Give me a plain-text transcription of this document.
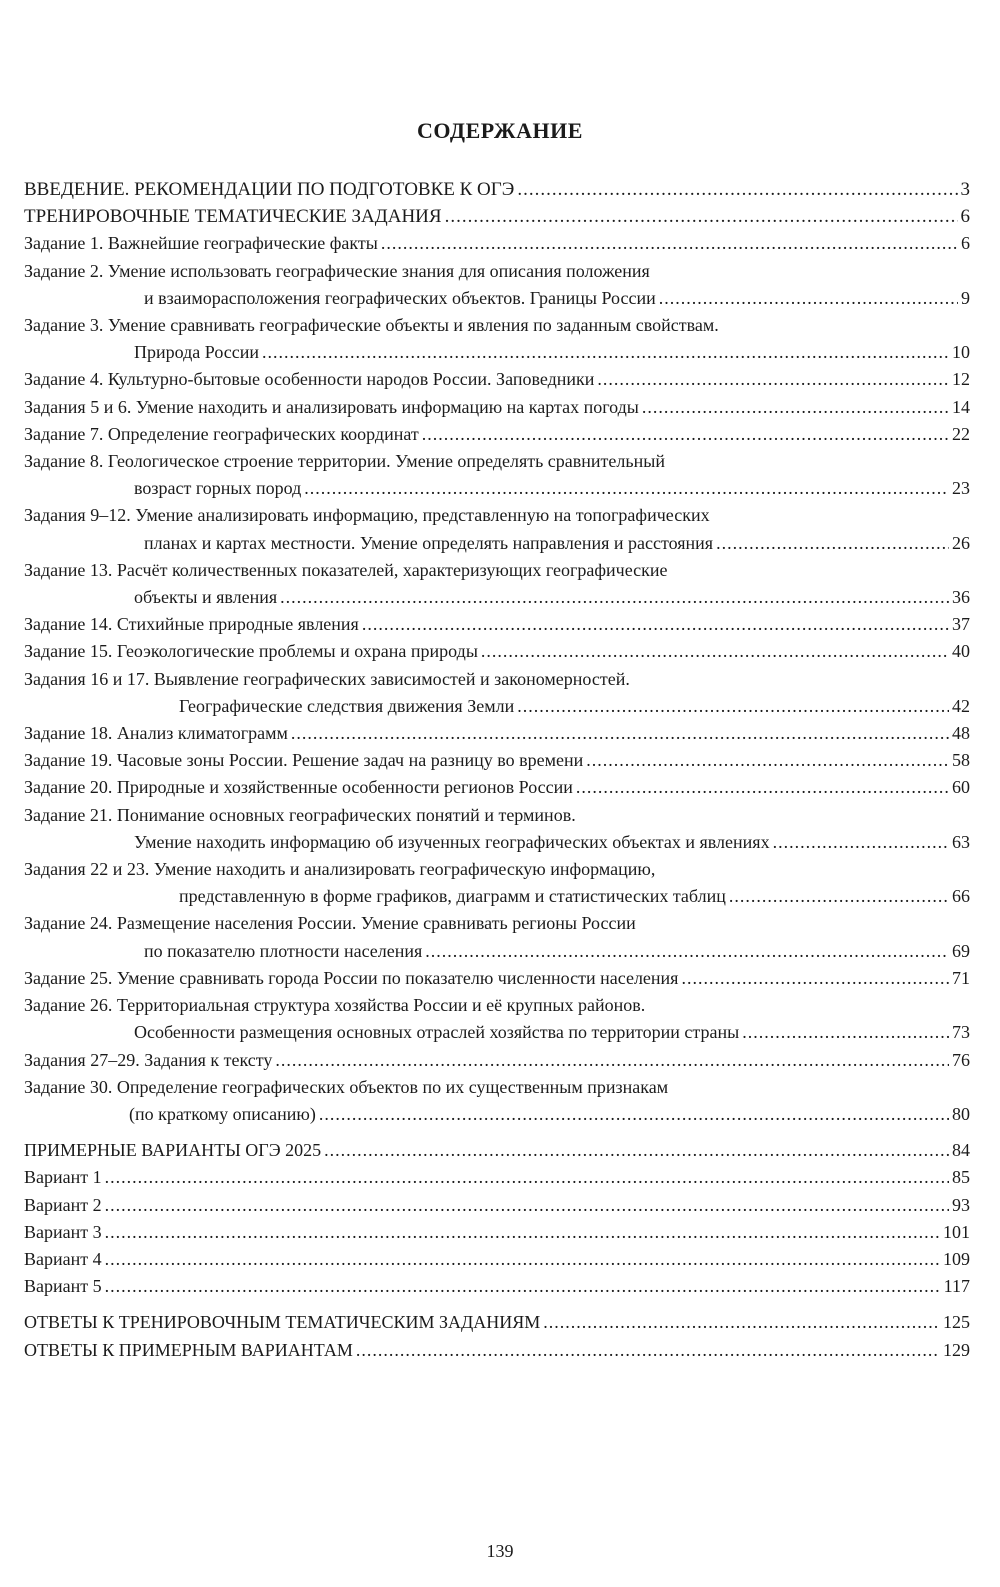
СОДЕРЖАНИЕ
ВВЕДЕНИЕ. РЕКОМЕНДАЦИИ ПО ПОДГОТОВКЕ К ОГЭ .....	3
ТРЕНИРОВОЧНЫЕ ТЕМАТИЧЕСКИЕ ЗАДАНИЯ .....	6
Задание 1. Важнейшие географические факты .....	6
Задание 2. Умение использовать географические знания для описания положения
и взаиморасположения географических объектов. Границы России .....	9
Задание 3. Умение сравнивать географические объекты и явления по заданным свойствам.
Природа России .....	10
Задание 4. Культурно-бытовые особенности народов России. Заповедники .....	12
Задания 5 и 6. Умение находить и анализировать информацию на картах погоды .....	14
Задание 7. Определение географических координат .....	22
Задание 8. Геологическое строение территории. Умение определять сравнительный
возраст горных пород .....	23
Задания 9–12. Умение анализировать информацию, представленную на топографических
планах и картах местности. Умение определять направления и расстояния .....	26
Задание 13. Расчёт количественных показателей, характеризующих географические
объекты и явления .....	36
Задание 14. Стихийные природные явления .....	37
Задание 15. Геоэкологические проблемы и охрана природы .....	40
Задания 16 и 17. Выявление географических зависимостей и закономерностей.
Географические следствия движения Земли .....	42
Задание 18. Анализ климатограмм .....	48
Задание 19. Часовые зоны России. Решение задач на разницу во времени .....	58
Задание 20. Природные и хозяйственные особенности регионов России .....	60
Задание 21. Понимание основных географических понятий и терминов.
Умение находить информацию об изученных географических объектах и явлениях .....	63
Задания 22 и 23. Умение находить и анализировать географическую информацию,
представленную в форме графиков, диаграмм и статистических таблиц .....	66
Задание 24. Размещение населения России. Умение сравнивать регионы России
по показателю плотности населения .....	69
Задание 25. Умение сравнивать города России по показателю численности населения .....	71
Задание 26. Территориальная структура хозяйства России и её крупных районов.
Особенности размещения основных отраслей хозяйства по территории страны .....	73
Задания 27–29. Задания к тексту .....	76
Задание 30. Определение географических объектов по их существенным признакам
(по краткому описанию) .....	80
ПРИМЕРНЫЕ ВАРИАНТЫ ОГЭ 2025 .....	84
Вариант 1 .....	85
Вариант 2 .....	93
Вариант 3 .....	101
Вариант 4 .....	109
Вариант 5 .....	117
ОТВЕТЫ К ТРЕНИРОВОЧНЫМ ТЕМАТИЧЕСКИМ ЗАДАНИЯМ .....	125
ОТВЕТЫ К ПРИМЕРНЫМ ВАРИАНТАМ .....	129
139
